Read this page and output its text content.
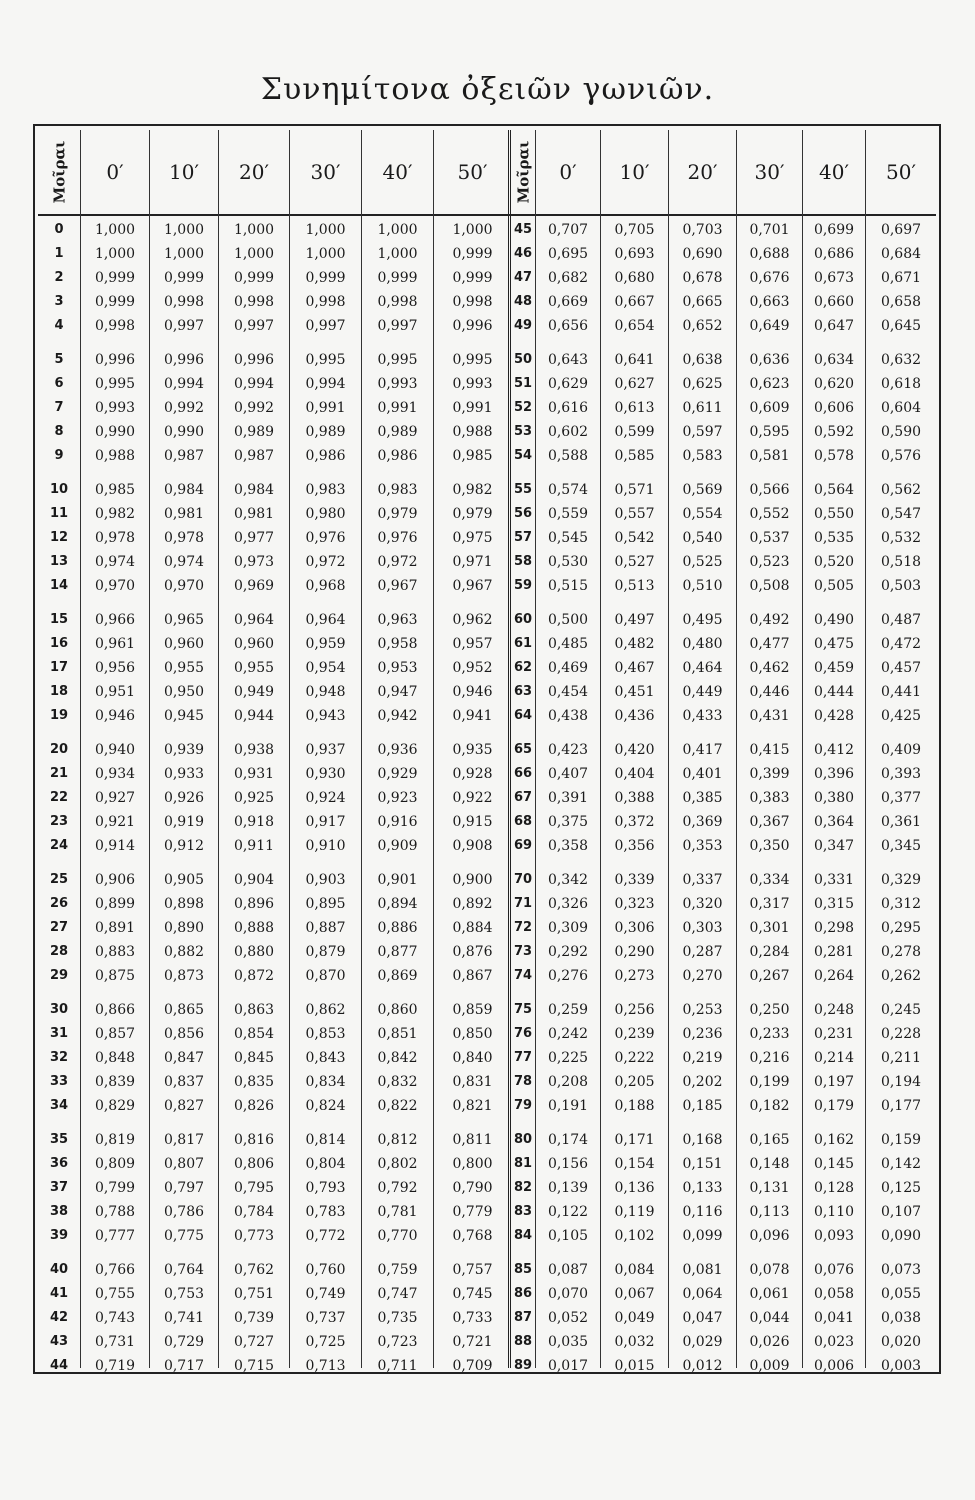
Συνημίτονα ὀξειῶν γωνιῶν.
Μοῖραι
0
1
2
3
4
5
6
7
8
9
10
11
12
13
14
15
16
17
18
19
20
21
22
23
24
25
26
27
28
29
30
31
32
33
34
35
36
37
38
39
40
41
42
43
44
0′
1,000
1,000
0,999
0,999
0,998
0,996
0,995
0,993
0,990
0,988
0,985
0,982
0,978
0,974
0,970
0,966
0,961
0,956
0,951
0,946
0,940
0,934
0,927
0,921
0,914
0,906
0,899
0,891
0,883
0,875
0,866
0,857
0,848
0,839
0,829
0,819
0,809
0,799
0,788
0,777
0,766
0,755
0,743
0,731
0,719
10′
1,000
1,000
0,999
0,998
0,997
0,996
0,994
0,992
0,990
0,987
0,984
0,981
0,978
0,974
0,970
0,965
0,960
0,955
0,950
0,945
0,939
0,933
0,926
0,919
0,912
0,905
0,898
0,890
0,882
0,873
0,865
0,856
0,847
0,837
0,827
0,817
0,807
0,797
0,786
0,775
0,764
0,753
0,741
0,729
0,717
20′
1,000
1,000
0,999
0,998
0,997
0,996
0,994
0,992
0,989
0,987
0,984
0,981
0,977
0,973
0,969
0,964
0,960
0,955
0,949
0,944
0,938
0,931
0,925
0,918
0,911
0,904
0,896
0,888
0,880
0,872
0,863
0,854
0,845
0,835
0,826
0,816
0,806
0,795
0,784
0,773
0,762
0,751
0,739
0,727
0,715
30′
1,000
1,000
0,999
0,998
0,997
0,995
0,994
0,991
0,989
0,986
0,983
0,980
0,976
0,972
0,968
0,964
0,959
0,954
0,948
0,943
0,937
0,930
0,924
0,917
0,910
0,903
0,895
0,887
0,879
0,870
0,862
0,853
0,843
0,834
0,824
0,814
0,804
0,793
0,783
0,772
0,760
0,749
0,737
0,725
0,713
40′
1,000
1,000
0,999
0,998
0,997
0,995
0,993
0,991
0,989
0,986
0,983
0,979
0,976
0,972
0,967
0,963
0,958
0,953
0,947
0,942
0,936
0,929
0,923
0,916
0,909
0,901
0,894
0,886
0,877
0,869
0,860
0,851
0,842
0,832
0,822
0,812
0,802
0,792
0,781
0,770
0,759
0,747
0,735
0,723
0,711
50′
1,000
0,999
0,999
0,998
0,996
0,995
0,993
0,991
0,988
0,985
0,982
0,979
0,975
0,971
0,967
0,962
0,957
0,952
0,946
0,941
0,935
0,928
0,922
0,915
0,908
0,900
0,892
0,884
0,876
0,867
0,859
0,850
0,840
0,831
0,821
0,811
0,800
0,790
0,779
0,768
0,757
0,745
0,733
0,721
0,709
Μοῖραι
45
46
47
48
49
50
51
52
53
54
55
56
57
58
59
60
61
62
63
64
65
66
67
68
69
70
71
72
73
74
75
76
77
78
79
80
81
82
83
84
85
86
87
88
89
0′
0,707
0,695
0,682
0,669
0,656
0,643
0,629
0,616
0,602
0,588
0,574
0,559
0,545
0,530
0,515
0,500
0,485
0,469
0,454
0,438
0,423
0,407
0,391
0,375
0,358
0,342
0,326
0,309
0,292
0,276
0,259
0,242
0,225
0,208
0,191
0,174
0,156
0,139
0,122
0,105
0,087
0,070
0,052
0,035
0,017
10′
0,705
0,693
0,680
0,667
0,654
0,641
0,627
0,613
0,599
0,585
0,571
0,557
0,542
0,527
0,513
0,497
0,482
0,467
0,451
0,436
0,420
0,404
0,388
0,372
0,356
0,339
0,323
0,306
0,290
0,273
0,256
0,239
0,222
0,205
0,188
0,171
0,154
0,136
0,119
0,102
0,084
0,067
0,049
0,032
0,015
20′
0,703
0,690
0,678
0,665
0,652
0,638
0,625
0,611
0,597
0,583
0,569
0,554
0,540
0,525
0,510
0,495
0,480
0,464
0,449
0,433
0,417
0,401
0,385
0,369
0,353
0,337
0,320
0,303
0,287
0,270
0,253
0,236
0,219
0,202
0,185
0,168
0,151
0,133
0,116
0,099
0,081
0,064
0,047
0,029
0,012
30′
0,701
0,688
0,676
0,663
0,649
0,636
0,623
0,609
0,595
0,581
0,566
0,552
0,537
0,523
0,508
0,492
0,477
0,462
0,446
0,431
0,415
0,399
0,383
0,367
0,350
0,334
0,317
0,301
0,284
0,267
0,250
0,233
0,216
0,199
0,182
0,165
0,148
0,131
0,113
0,096
0,078
0,061
0,044
0,026
0,009
40′
0,699
0,686
0,673
0,660
0,647
0,634
0,620
0,606
0,592
0,578
0,564
0,550
0,535
0,520
0,505
0,490
0,475
0,459
0,444
0,428
0,412
0,396
0,380
0,364
0,347
0,331
0,315
0,298
0,281
0,264
0,248
0,231
0,214
0,197
0,179
0,162
0,145
0,128
0,110
0,093
0,076
0,058
0,041
0,023
0,006
50′
0,697
0,684
0,671
0,658
0,645
0,632
0,618
0,604
0,590
0,576
0,562
0,547
0,532
0,518
0,503
0,487
0,472
0,457
0,441
0,425
0,409
0,393
0,377
0,361
0,345
0,329
0,312
0,295
0,278
0,262
0,245
0,228
0,211
0,194
0,177
0,159
0,142
0,125
0,107
0,090
0,073
0,055
0,038
0,020
0,003
